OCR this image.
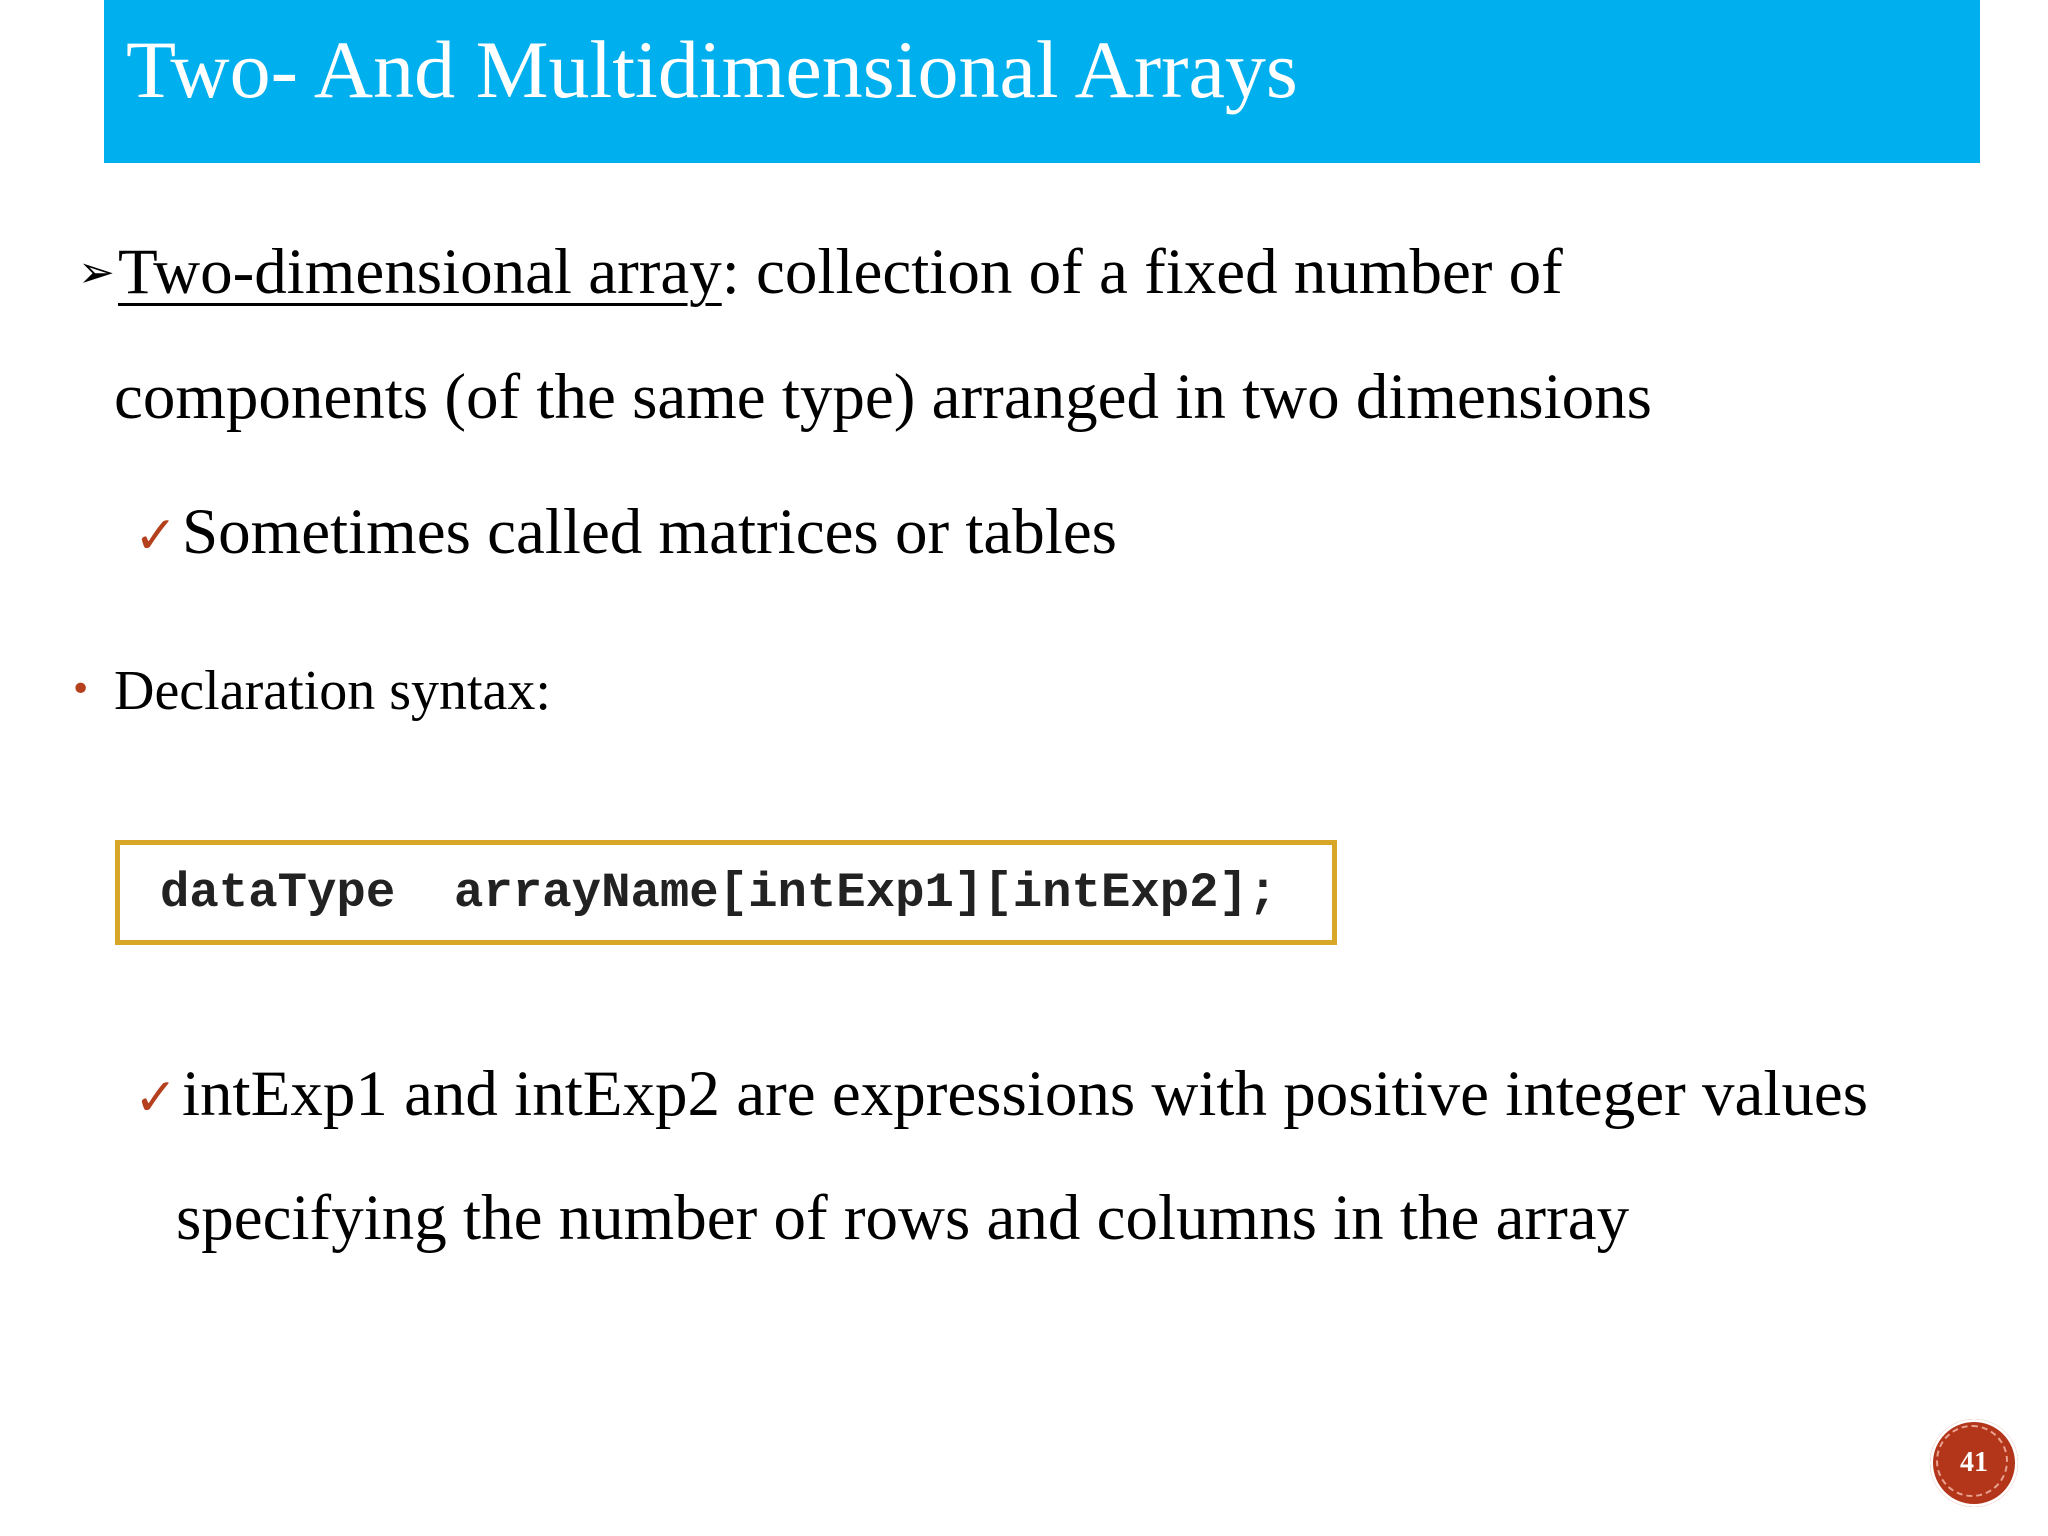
Two- And Multidimensional Arrays
➢Two-dimensional array: collection of a fixed number of
components (of the same type) arranged in two dimensions
✓Sometimes called matrices or tables
• Declaration syntax:
dataType  arrayName[intExp1][intExp2];
✓intExp1 and intExp2 are expressions with positive integer values
specifying the number of rows and columns in the array
41
